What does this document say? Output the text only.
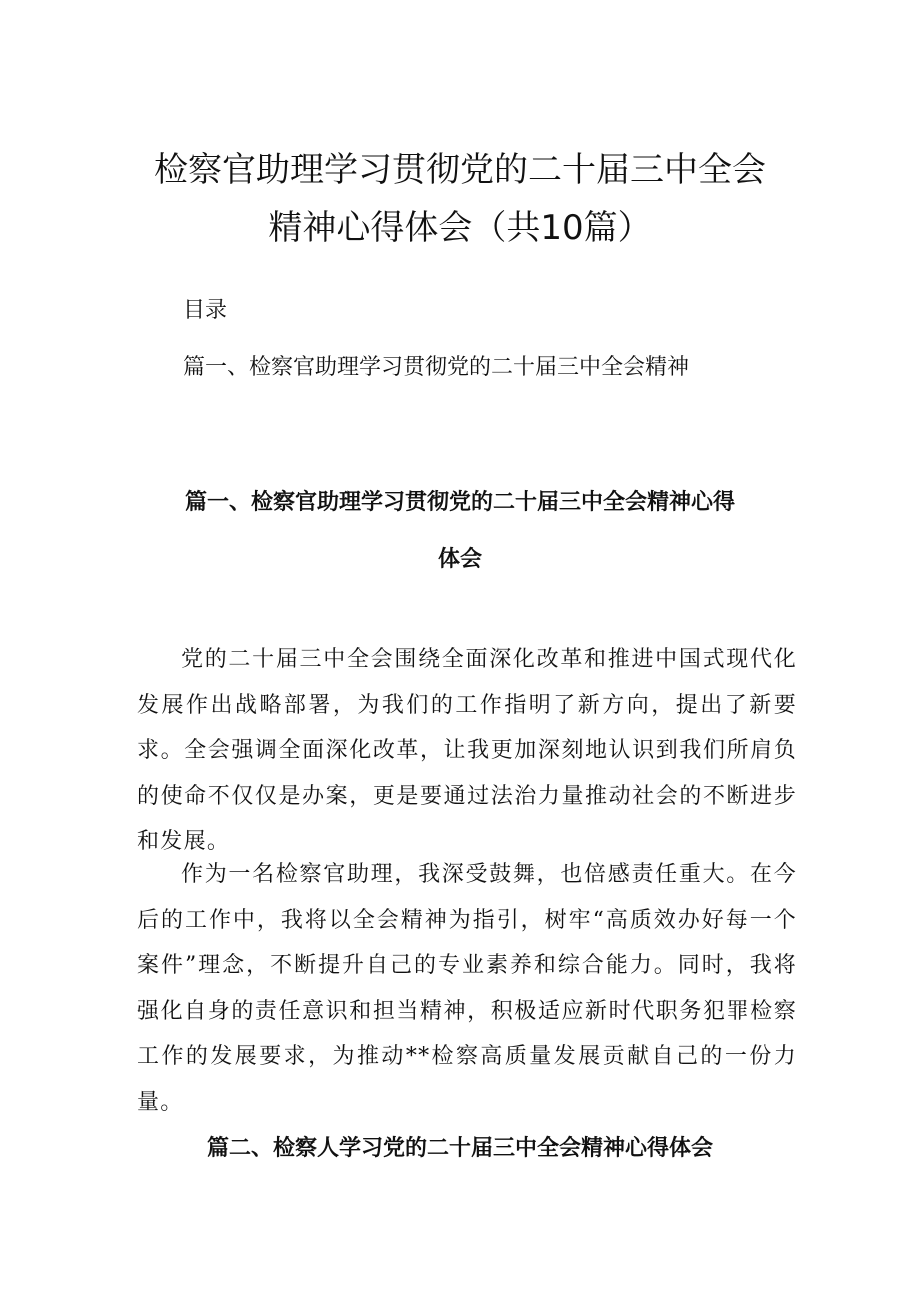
检察官助理学习贯彻党的二十届三中全会
精神心得体会（共10篇）

目录

篇一、检察官助理学习贯彻党的二十届三中全会精神

篇一、检察官助理学习贯彻党的二十届三中全会精神心得
体会

党的二十届三中全会围绕全面深化改革和推进中国式现代化发展作出战略部署，为我们的工作指明了新方向，提出了新要求。全会强调全面深化改革，让我更加深刻地认识到我们所肩负的使命不仅仅是办案，更是要通过法治力量推动社会的不断进步和发展。

作为一名检察官助理，我深受鼓舞，也倍感责任重大。在今后的工作中，我将以全会精神为指引，树牢“高质效办好每一个案件”理念，不断提升自己的专业素养和综合能力。同时，我将强化自身的责任意识和担当精神，积极适应新时代职务犯罪检察工作的发展要求，为推动**检察高质量发展贡献自己的一份力量。

篇二、检察人学习党的二十届三中全会精神心得体会
